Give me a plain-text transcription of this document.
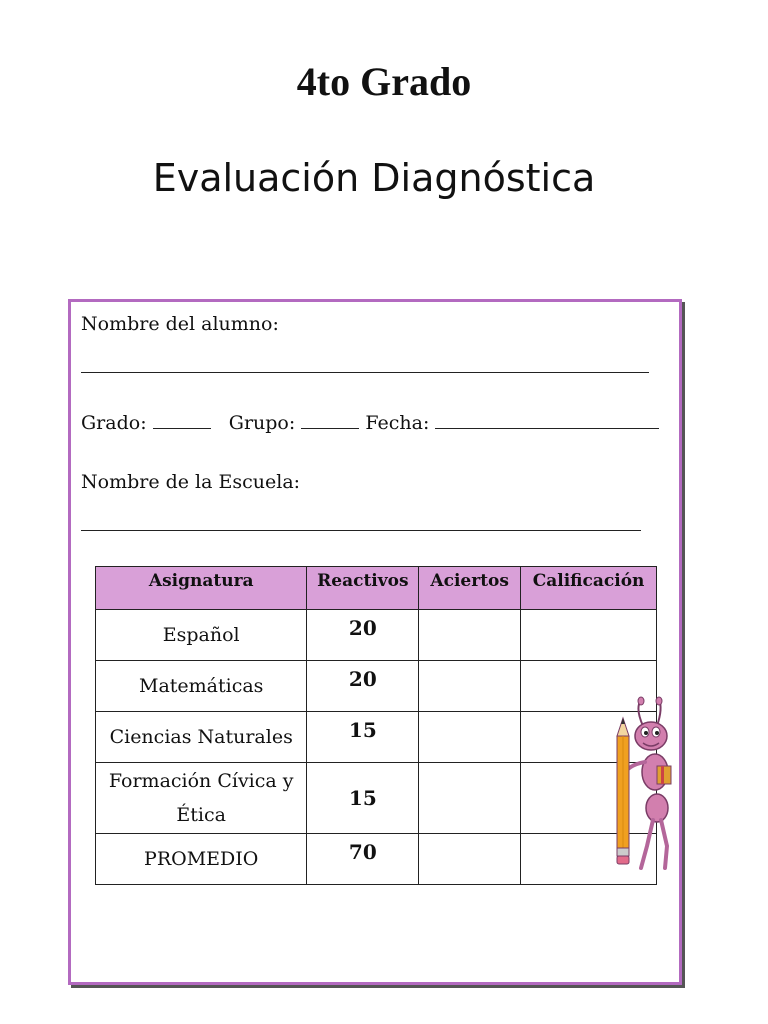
4to Grado
Evaluación Diagnóstica
Nombre del alumno:
Grado:	Grupo:	Fecha:
Nombre de la Escuela:
Asignatura	Reactivos	Aciertos	Calificación
Español	20		
Matemáticas	20		
Ciencias Naturales	15		
Formación Cívica y Ética	15		
PROMEDIO	70		
